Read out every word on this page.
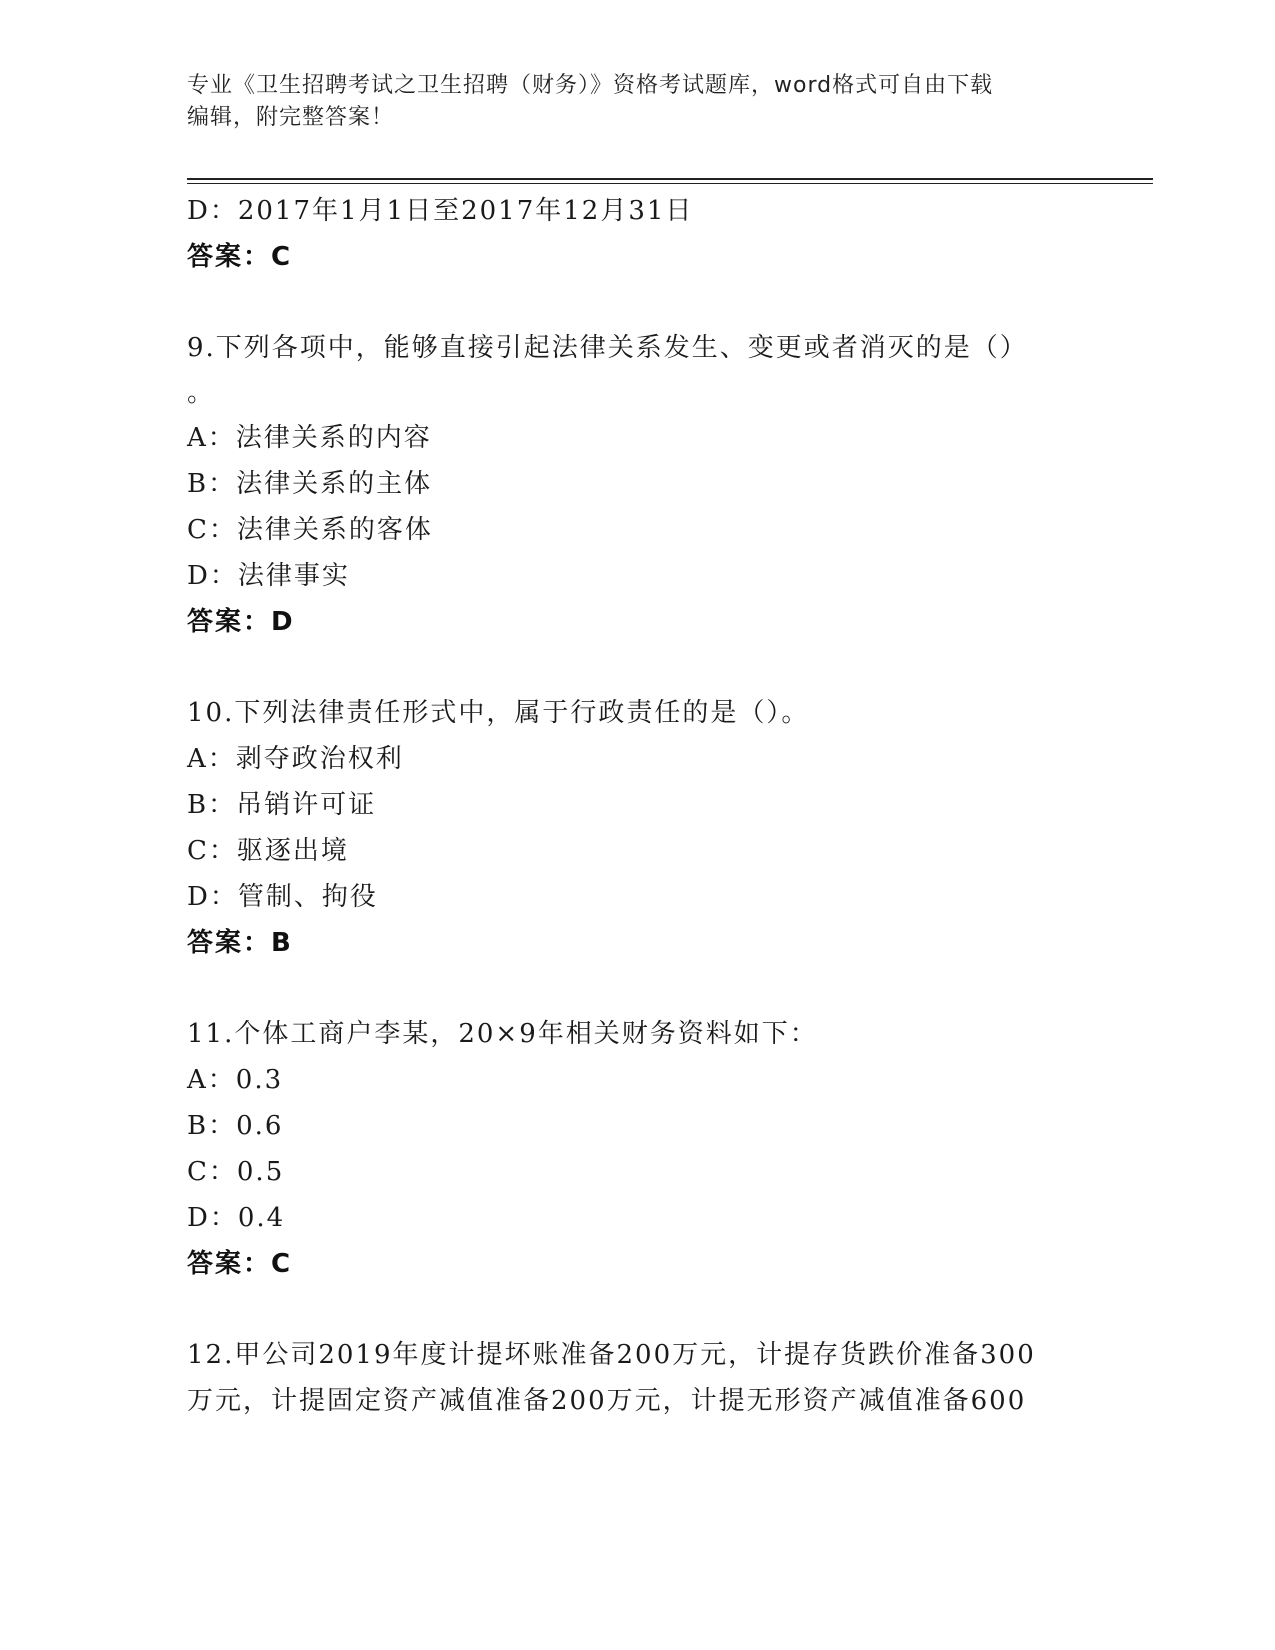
专业《卫生招聘考试之卫生招聘（财务）》资格考试题库，word格式可自由下载
编辑，附完整答案！
D：2017年1月1日至2017年12月31日
答案：C
9.下列各项中，能够直接引起法律关系发生、变更或者消灭的是（）
。
A：法律关系的内容
B：法律关系的主体
C：法律关系的客体
D：法律事实
答案：D
10.下列法律责任形式中，属于行政责任的是（）。
A：剥夺政治权利
B：吊销许可证
C：驱逐出境
D：管制、拘役
答案：B
11.个体工商户李某，20×9年相关财务资料如下：
A：0.3
B：0.6
C：0.5
D：0.4
答案：C
12.甲公司2019年度计提坏账准备200万元，计提存货跌价准备300
万元，计提固定资产减值准备200万元，计提无形资产减值准备600
